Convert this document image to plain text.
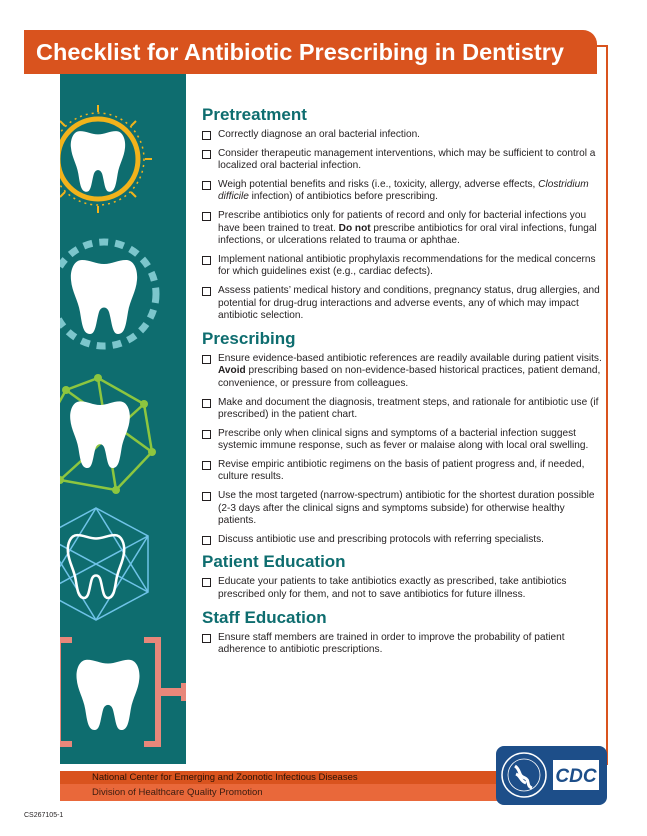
Checklist for Antibiotic Prescribing in Dentistry
Pretreatment
Correctly diagnose an oral bacterial infection.
Consider therapeutic management interventions, which may be sufficient to control a localized oral bacterial infection.
Weigh potential benefits and risks (i.e., toxicity, allergy, adverse effects, Clostridium difficile infection) of antibiotics before prescribing.
Prescribe antibiotics only for patients of record and only for bacterial infections you have been trained to treat. Do not prescribe antibiotics for oral viral infections, fungal infections, or ulcerations related to trauma or aphthae.
Implement national antibiotic prophylaxis recommendations for the medical concerns for which guidelines exist (e.g., cardiac defects).
Assess patients’ medical history and conditions, pregnancy status, drug allergies, and potential for drug-drug interactions and adverse events, any of which may impact antibiotic selection.
Prescribing
Ensure evidence-based antibiotic references are readily available during patient visits. Avoid prescribing based on non-evidence-based historical practices, patient demand, convenience, or pressure from colleagues.
Make and document the diagnosis, treatment steps, and rationale for antibiotic use (if prescribed) in the patient chart.
Prescribe only when clinical signs and symptoms of a bacterial infection suggest systemic immune response, such as fever or malaise along with local oral swelling.
Revise empiric antibiotic regimens on the basis of patient progress and, if needed, culture results.
Use the most targeted (narrow-spectrum) antibiotic for the shortest duration possible (2-3 days after the clinical signs and symptoms subside) for otherwise healthy patients.
Discuss antibiotic use and prescribing protocols with referring specialists.
Patient Education
Educate your patients to take antibiotics exactly as prescribed, take antibiotics prescribed only for them, and not to save antibiotics for future illness.
Staff Education
Ensure staff members are trained in order to improve the probability of patient adherence to antibiotic prescriptions.
National Center for Emerging and Zoonotic Infectious Diseases
Division of Healthcare Quality Promotion
CDC
CS267105-1
